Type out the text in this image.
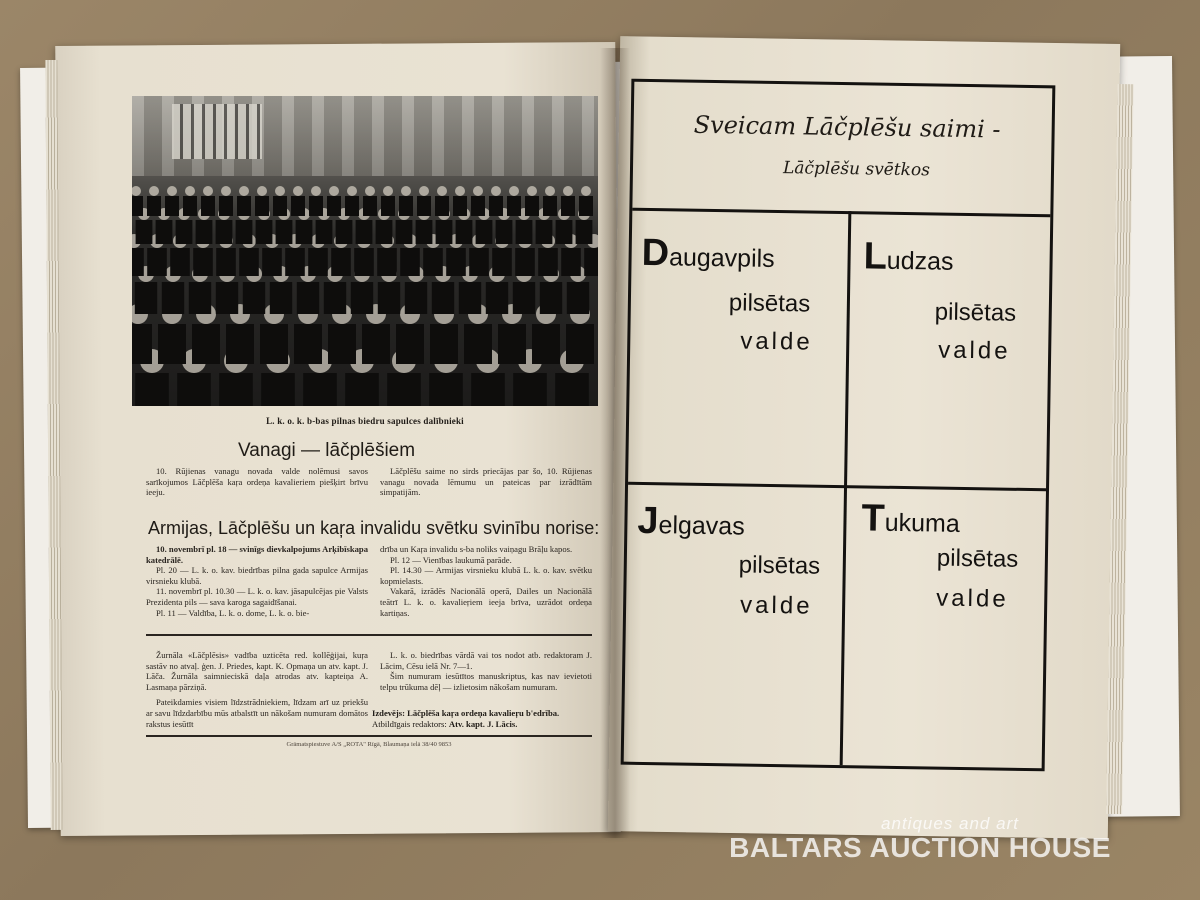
L. k. o. k. b-bas pilnas biedru sapulces dalībnieki
Vanagi — lāčplēšiem

10. Rūjienas vanagu novada valde nolēmusi savos sarīkojumos Lāčplēša kaŗa ordeņa kavalieriem piešķirt brīvu ieeju.

Lāčplēšu saime no sirds priecājas par šo, 10. Rūjienas vanagu novada lēmumu un pateicas par izrādītām simpatijām.

Armijas, Lāčplēšu un kaŗa invalidu svētku svinību norise:

10. novembrī pl. 18 — svinīgs dievkalpojums Arķibīskapa katedrālē.

Pl. 20 — L. k. o. kav. biedrības pilna gada sapulce Armijas virsnieku klubā.

11. novembrī pl. 10.30 — L. k. o. kav. jāsapulcējas pie Valsts Prezidenta pils — sava karoga sagaidīšanai.

Pl. 11 — Valdība, L. k. o. dome, L. k. o. bie-

drība un Kaŗa invalidu s-ba noliks vaiņagu Brāļu kapos.

Pl. 12 — Vienības laukumā parāde.

Pl. 14.30 — Armijas virsnieku klubā L. k. o. kav. svētku kopmielasts.

Vakarā, izrādēs Nacionālā operā, Dailes un Nacionālā teātrī L. k. o. kavalieŗiem ieeja brīva, uzrādot ordeņa kartiņas.

Žurnāla «Lāčplēsis» vadība uzticēta red. kollēģijai, kuŗa sastāv no atvaļ. ģen. J. Priedes, kapt. K. Opmaņa un atv. kapt. J. Lāča. Žurnāla saimnieciskā daļa atrodas atv. kapteiņa A. Lasmaņa pārziņā.

Pateikdamies visiem līdzstrādniekiem, līdzam arī uz priekšu ar savu līdzdarbību mūs atbalstīt un nākošam numuram domātos rakstus iesūtīt

L. k. o. biedrības vārdā vai tos nodot atb. redaktoram J. Lācim, Cēsu ielā Nr. 7—1.

Šim numuram iesūtītos manuskriptus, kas nav ievietoti telpu trūkuma dēļ — izlietosim nākošam numuram.

Izdevējs: Lāčplēša kaŗa ordeņa kavalieŗu b'edrība.
Atbildīgais redaktors: Atv. kapt. J. Lācis.
Grāmatspiestuve A/S „ROTA" Rīgā, Blaumaņa ielā 38/40 9853
Sveicam Lāčplēšu saimi -
Lāčplēšu svētkos
Daugavpils
pilsētas
valde
Ludzas
pilsētas
valde
Jelgavas
pilsētas
valde
Tukuma
pilsētas
valde
antiques and art
BALTARS AUCTION HOUSE
